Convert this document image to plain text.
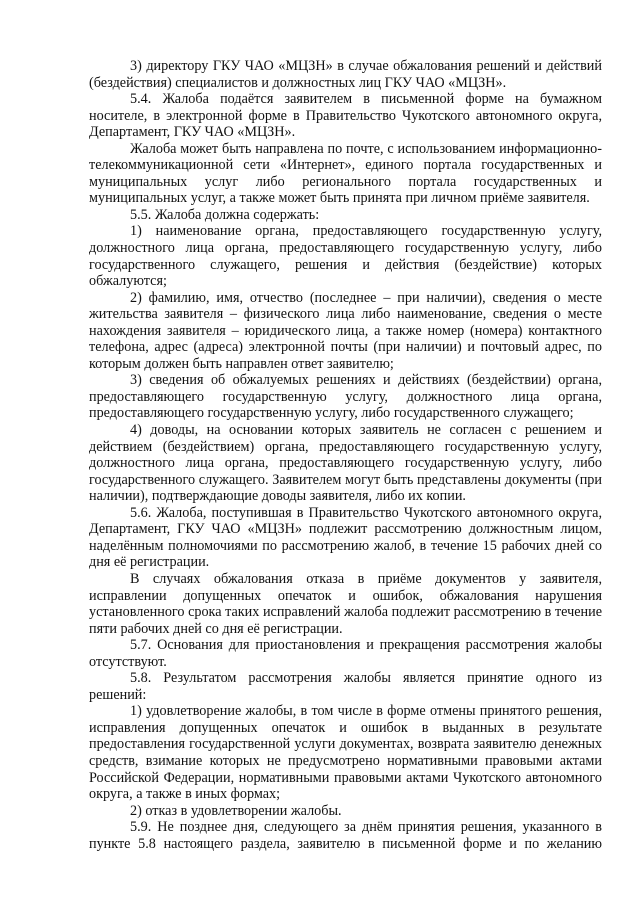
3) директору ГКУ ЧАО «МЦЗН» в случае обжалования решений и действий (бездействия) специалистов и должностных лиц ГКУ ЧАО «МЦЗН».

5.4. Жалоба подаётся заявителем в письменной форме на бумажном носителе, в электронной форме в Правительство Чукотского автономного округа, Департамент, ГКУ ЧАО «МЦЗН».

Жалоба может быть направлена по почте, с использованием информационно-телекоммуникационной сети «Интернет», единого портала государственных и муниципальных услуг либо регионального портала государственных и муниципальных услуг, а также может быть принята при личном приёме заявителя.

5.5. Жалоба должна содержать:

1) наименование органа, предоставляющего государственную услугу, должностного лица органа, предоставляющего государственную услугу, либо государственного служащего, решения и действия (бездействие) которых обжалуются;

2) фамилию, имя, отчество (последнее – при наличии), сведения о месте жительства заявителя – физического лица либо наименование, сведения о месте нахождения заявителя – юридического лица, а также номер (номера) контактного телефона, адрес (адреса) электронной почты (при наличии) и почтовый адрес, по которым должен быть направлен ответ заявителю;

3) сведения об обжалуемых решениях и действиях (бездействии) органа, предоставляющего государственную услугу, должностного лица органа, предоставляющего государственную услугу, либо государственного служащего;

4) доводы, на основании которых заявитель не согласен с решением и действием (бездействием) органа, предоставляющего государственную услугу, должностного лица органа, предоставляющего государственную услугу, либо государственного служащего. Заявителем могут быть представлены документы (при наличии), подтверждающие доводы заявителя, либо их копии.

5.6. Жалоба, поступившая в Правительство Чукотского автономного округа, Департамент, ГКУ ЧАО «МЦЗН» подлежит рассмотрению должностным лицом, наделённым полномочиями по рассмотрению жалоб, в течение 15 рабочих дней со дня её регистрации.

В случаях обжалования отказа в приёме документов у заявителя, исправлении допущенных опечаток и ошибок, обжалования нарушения установленного срока таких исправлений жалоба подлежит рассмотрению в течение пяти рабочих дней со дня её регистрации.

5.7. Основания для приостановления и прекращения рассмотрения жалобы отсутствуют.

5.8. Результатом рассмотрения жалобы является принятие одного из решений:

1) удовлетворение жалобы, в том числе в форме отмены принятого решения, исправления допущенных опечаток и ошибок в выданных в результате предоставления государственной услуги документах, возврата заявителю денежных средств, взимание которых не предусмотрено нормативными правовыми актами Российской Федерации, нормативными правовыми актами Чукотского автономного округа, а также в иных формах;

2) отказ в удовлетворении жалобы.

5.9. Не позднее дня, следующего за днём принятия решения, указанного в пункте 5.8 настоящего раздела, заявителю в письменной форме и по желанию
